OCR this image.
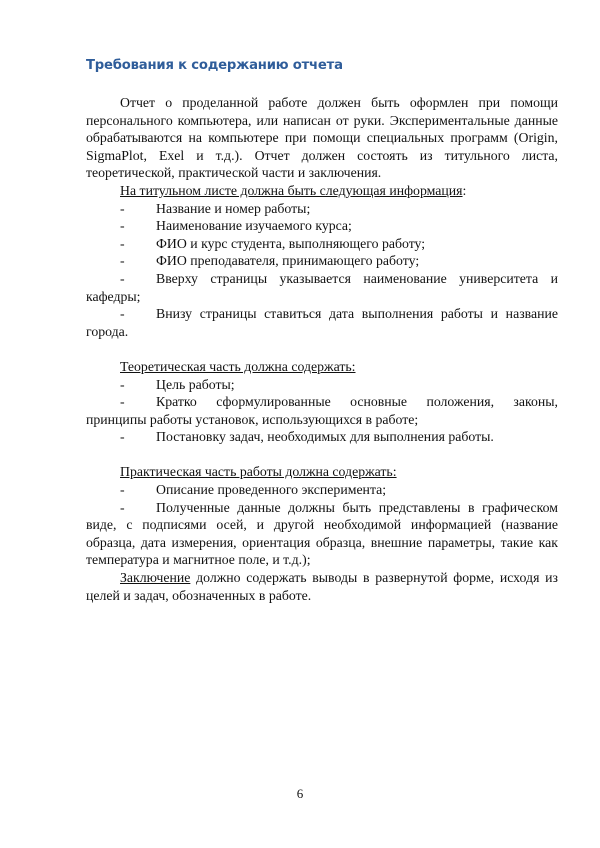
Требования к содержанию отчета

Отчет о проделанной работе должен быть оформлен при помощи персонального компьютера, или написан от руки. Экспериментальные данные обрабатываются на компьютере при помощи специальных программ (Origin, SigmaPlot, Exel и т.д.). Отчет должен состоять из титульного листа, теоретической, практической части и заключения.

На титульном листе должна быть следующая информация:

- Название и номер работы;

- Наименование изучаемого курса;

- ФИО и курс студента, выполняющего работу;

- ФИО преподавателя, принимающего работу;

- Вверху страницы указывается наименование университета и кафедры;

- Внизу страницы ставиться дата выполнения работы и название города.

Теоретическая часть должна содержать:

- Цель работы;

- Кратко сформулированные основные положения, законы, принципы работы установок, использующихся в работе;

- Постановку задач, необходимых для выполнения работы.

Практическая часть работы должна содержать:

- Описание проведенного эксперимента;

- Полученные данные должны быть представлены в графическом виде, с подписями осей, и другой необходимой информацией (название образца, дата измерения, ориентация образца, внешние параметры, такие как температура и магнитное поле, и т.д.);

Заключение должно содержать выводы в развернутой форме, исходя из целей и задач, обозначенных в работе.

6
